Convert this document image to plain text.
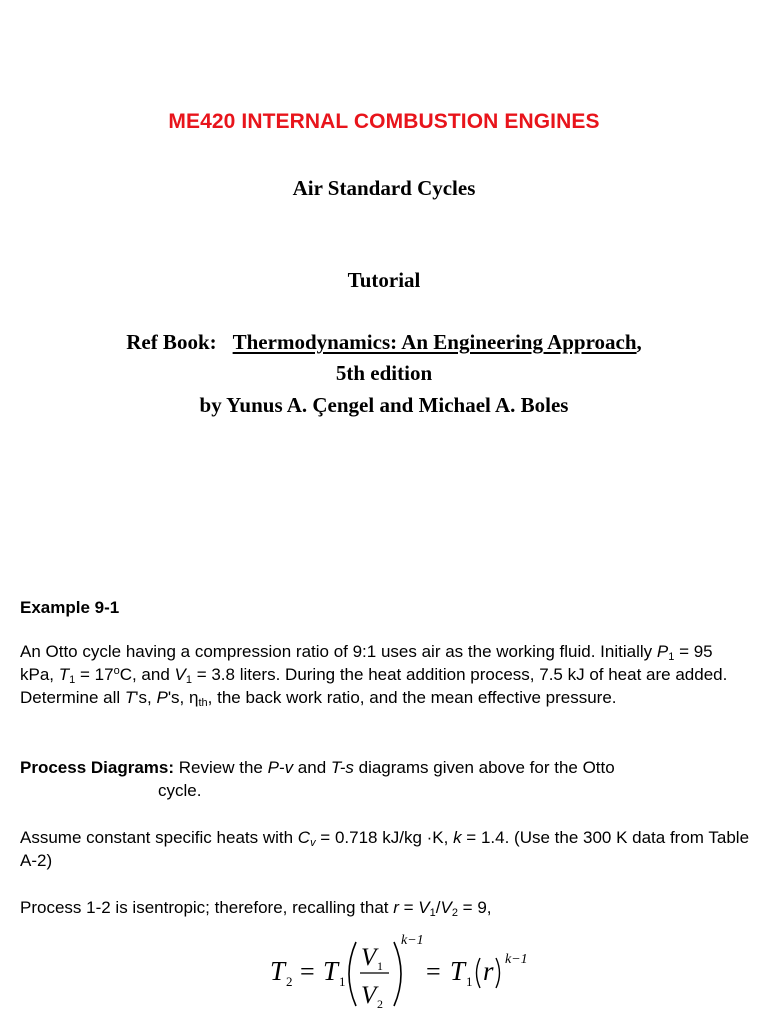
ME420 INTERNAL COMBUSTION ENGINES
Air Standard Cycles
Tutorial
Ref Book: Thermodynamics: An Engineering Approach,
5th edition
by Yunus A. Çengel and Michael A. Boles
Example 9-1
An Otto cycle having a compression ratio of 9:1 uses air as the working fluid. Initially $P_1 = 95$ kPa, $T_1 = 17^oC$, and $V_1 = 3.8$ liters. During the heat addition process, 7.5 kJ of heat are added. Determine all T's, P's, $\eta_{th}$, the back work ratio, and the mean effective pressure.
Process Diagrams: Review the P-v and T-s diagrams given above for the Otto
cycle.
Assume constant specific heats with $C_v = 0.718$ kJ/kg ·K, k = 1.4. (Use the 300 K data from Table A-2)
Process 1-2 is isentropic; therefore, recalling that $r = V_1/V_2 = 9$,
T 2 = T 1
V 1
V 2
k−1
= T 1 r k−1
